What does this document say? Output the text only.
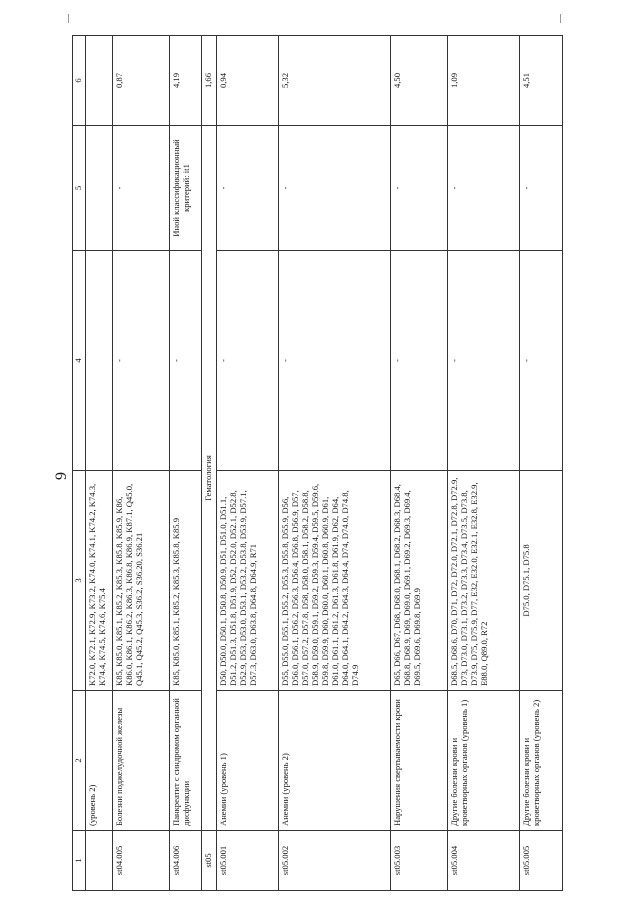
9
1	2	3	4	5	6
	(уровень 2)	K72.0, K72.1, K72.9, K73.2, K74.0, K74.1, K74.2, K74.3, K74.4, K74.5, K74.6, K75.4			
st04.005	Болезни поджелудочной железы	K85, K85.0, K85.1, K85.2, K85.3, K85.8, K85.9, K86, K86.0, K86.1, K86.2, K86.3, K86.8, K86.9, K87.1, Q45.0, Q45.1, Q45.2, Q45.3, S36.2, S36.20, S36.21	-	-	0,87
st04.006	Панкреатит с синдромом органной дисфункции	K85, K85.0, K85.1, K85.2, K85.3, K85.8, K85.9	-	Иной классификационный критерий: it1	4,19
st05	Гематология				1,66
st05.001	Анемии (уровень 1)	D50, D50.0, D50.1, D50.8, D50.9, D51, D51.0, D51.1, D51.2, D51.3, D51.8, D51.9, D52, D52.0, D52.1, D52.8, D52.9, D53, D53.0, D53.1, D53.2, D53.8, D53.9, D57.1, D57.3, D63.0, D63.8, D64.8, D64.9, R71	-	-	0,94
st05.002	Анемии (уровень 2)	D55, D55.0, D55.1, D55.2, D55.3, D55.8, D55.9, D56, D56.0, D56.1, D56.2, D56.3, D56.4, D56.8, D56.9, D57, D57.0, D57.2, D57.8, D58, D58.0, D58.1, D58.2, D58.8, D58.9, D59.0, D59.1, D59.2, D59.3, D59.4, D59.5, D59.6, D59.8, D59.9, D60, D60.0, D60.1, D60.8, D60.9, D61, D61.0, D61.1, D61.2, D61.3, D61.8, D61.9, D62, D64, D64.0, D64.1, D64.2, D64.3, D64.4, D74, D74.0, D74.8, D74.9	-	-	5,32
st05.003	Нарушения свертываемости крови	D65, D66, D67, D68, D68.0, D68.1, D68.2, D68.3, D68.4, D68.8, D68.9, D69, D69.0, D69.1, D69.2, D69.3, D69.4, D69.5, D69.6, D69.8, D69.9	-	-	4,50
st05.004	Другие болезни крови и кроветворных органов (уровень 1)	D68.5, D68.6, D70, D71, D72, D72.0, D72.1, D72.8, D72.9, D73, D73.0, D73.1, D73.2, D73.3, D73.4, D73.5, D73.8, D73.9, D75, D75.9, D77, E32, E32.0, E32.1, E32.8, E32.9, E88.0, Q89.0, R72	-	-	1,09
st05.005	Другие болезни крови и кроветворных органов (уровень 2)	D75.0, D75.1, D75.8	-	-	4,51
